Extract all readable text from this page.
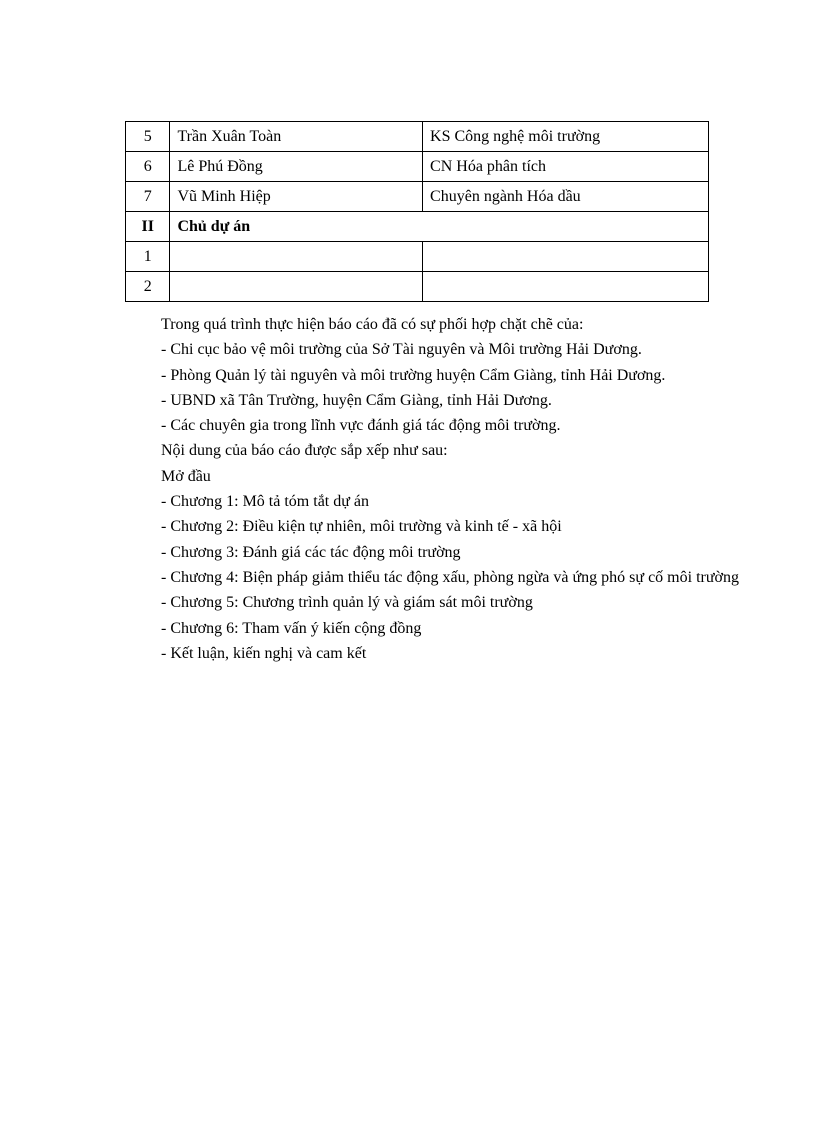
5	Trần Xuân Toàn	KS Công nghệ môi trường
6	Lê Phú Đồng	CN Hóa phân tích
7	Vũ Minh Hiệp	Chuyên ngành Hóa dầu
II	Chủ dự án	
1		
2		

Trong quá trình thực hiện báo cáo đã có sự phối hợp chặt chẽ của:

- Chi cục bảo vệ môi trường của Sở Tài nguyên và Môi trường Hải Dương.

- Phòng Quản lý tài nguyên và môi trường huyện Cẩm Giàng, tỉnh Hải Dương.

- UBND xã Tân Trường, huyện Cẩm Giàng, tỉnh Hải Dương.

- Các chuyên gia trong lĩnh vực đánh giá tác động môi trường.

Nội dung của báo cáo được sắp xếp như sau:

Mở đầu

- Chương 1: Mô tả tóm tắt dự án

- Chương 2: Điều kiện tự nhiên, môi trường và kinh tế - xã hội

- Chương 3: Đánh giá các tác động môi trường

- Chương 4: Biện pháp giảm thiểu tác động xấu, phòng ngừa và ứng phó sự cố môi trường

- Chương 5: Chương trình quản lý và giám sát môi trường

- Chương 6: Tham vấn ý kiến cộng đồng

- Kết luận, kiến nghị và cam kết
